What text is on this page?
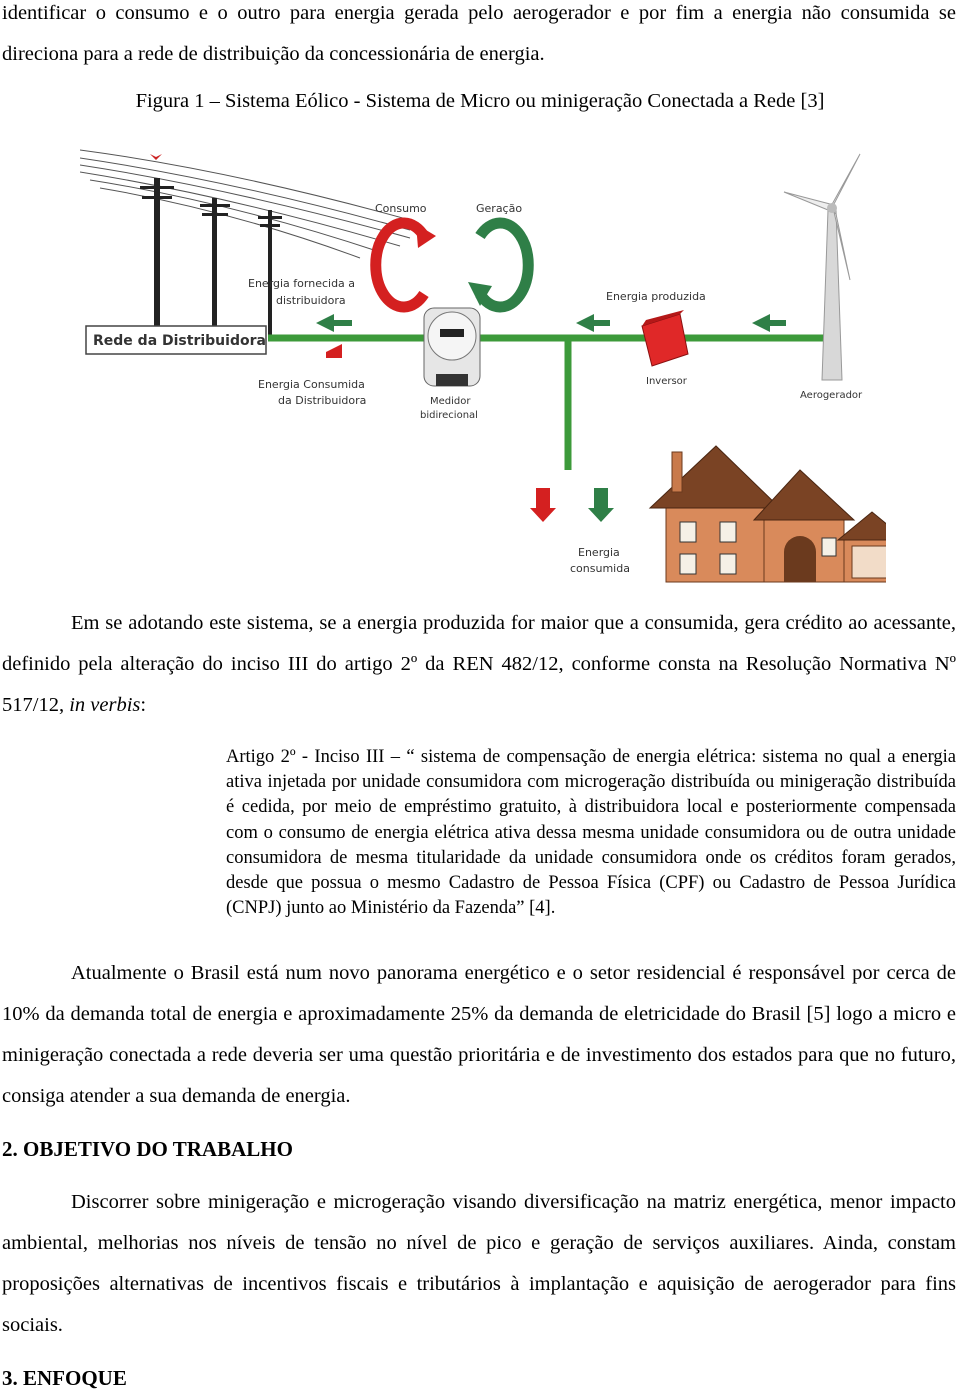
identificar o consumo e o outro para energia gerada pelo aerogerador e por fim a energia não consumida se direciona para a rede de distribuição da concessionária de energia.

Figura 1 – Sistema Eólico - Sistema de Micro ou minigeração Conectada a Rede [3]

Rede da Distribuidora
Consumo	Geração
Energia fornecida a
distribuidora
Energia Consumida
da Distribuidora	Medidor
bidirecional
Energia produzida
Inversor
Aerogerador
Energia
consumida

Em se adotando este sistema, se a energia produzida for maior que a consumida, gera crédito ao acessante, definido pela alteração do inciso III do artigo 2º da REN 482/12, conforme consta na Resolução Normativa Nº 517/12, in verbis:

Artigo 2º - Inciso III – “ sistema de compensação de energia elétrica: sistema no qual a energia ativa injetada por unidade consumidora com microgeração distribuída ou minigeração distribuída é cedida, por meio de empréstimo gratuito, à distribuidora local e posteriormente compensada com o consumo de energia elétrica ativa dessa mesma unidade consumidora ou de outra unidade consumidora de mesma titularidade da unidade consumidora onde os créditos foram gerados, desde que possua o mesmo Cadastro de Pessoa Física (CPF) ou Cadastro de Pessoa Jurídica (CNPJ) junto ao Ministério da Fazenda” [4].

Atualmente o Brasil está num novo panorama energético e o setor residencial é responsável por cerca de 10% da demanda total de energia e aproximadamente 25% da demanda de eletricidade do Brasil [5] logo a micro e minigeração conectada a rede deveria ser uma questão prioritária e de investimento dos estados para que no futuro, consiga atender a sua demanda de energia.

2. OBJETIVO DO TRABALHO

Discorrer sobre minigeração e microgeração visando diversificação na matriz energética, menor impacto ambiental, melhorias nos níveis de tensão no nível de pico e geração de serviços auxiliares. Ainda, constam proposições alternativas de incentivos fiscais e tributários à implantação e aquisição de aerogerador para fins sociais.

3. ENFOQUE
